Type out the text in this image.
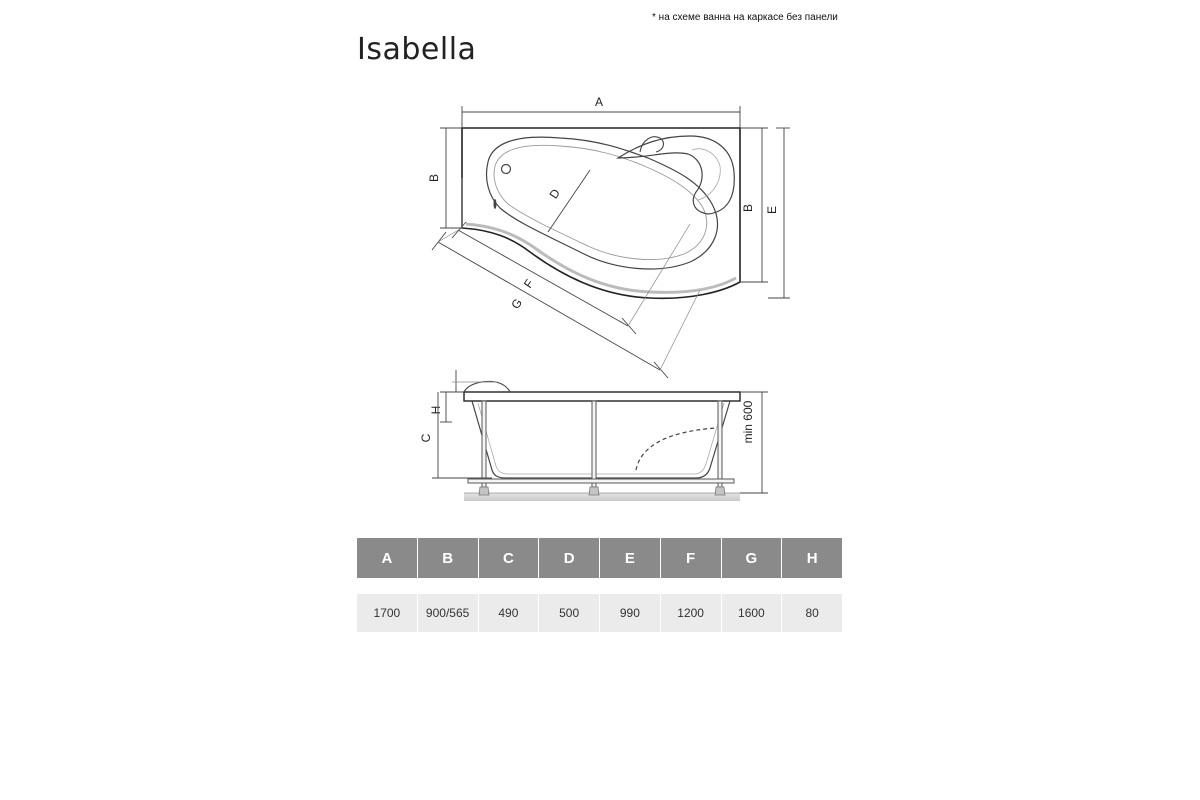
* на схеме ванна на каркасе без панели
Isabella
A
B
B E
D
F
G
H
C	min 600
A	B	C	D	E	F	G	H

1700	900/565	490	500	990	1200	1600	80
